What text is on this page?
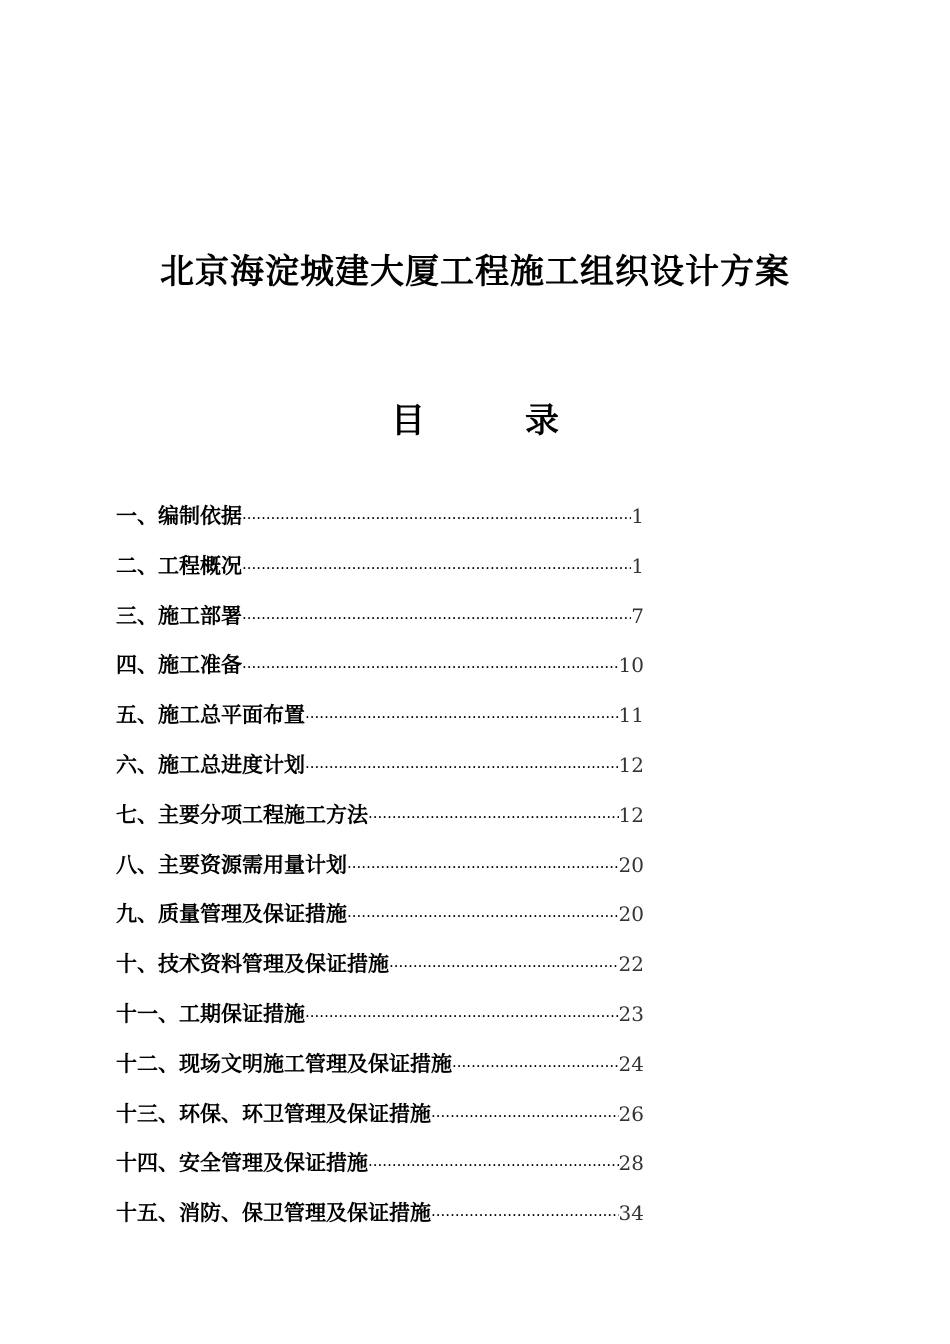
北京海淀城建大厦工程施工组织设计方案
目	录
一、编制依据 ·····	1
二、工程概况 ·····	1
三、施工部署 ·····	7
四、施工准备 ·····	10
五、施工总平面布置 ·····	11
六、施工总进度计划 ·····	12
七、主要分项工程施工方法 ·····	12
八、主要资源需用量计划 ·····	20
九、质量管理及保证措施 ·····	20
十、技术资料管理及保证措施 ·····	22
十一、工期保证措施 ·····	23
十二、现场文明施工管理及保证措施 ·····	24
十三、环保、环卫管理及保证措施 ·····	26
十四、安全管理及保证措施 ·····	28
十五、消防、保卫管理及保证措施 ·····	34
